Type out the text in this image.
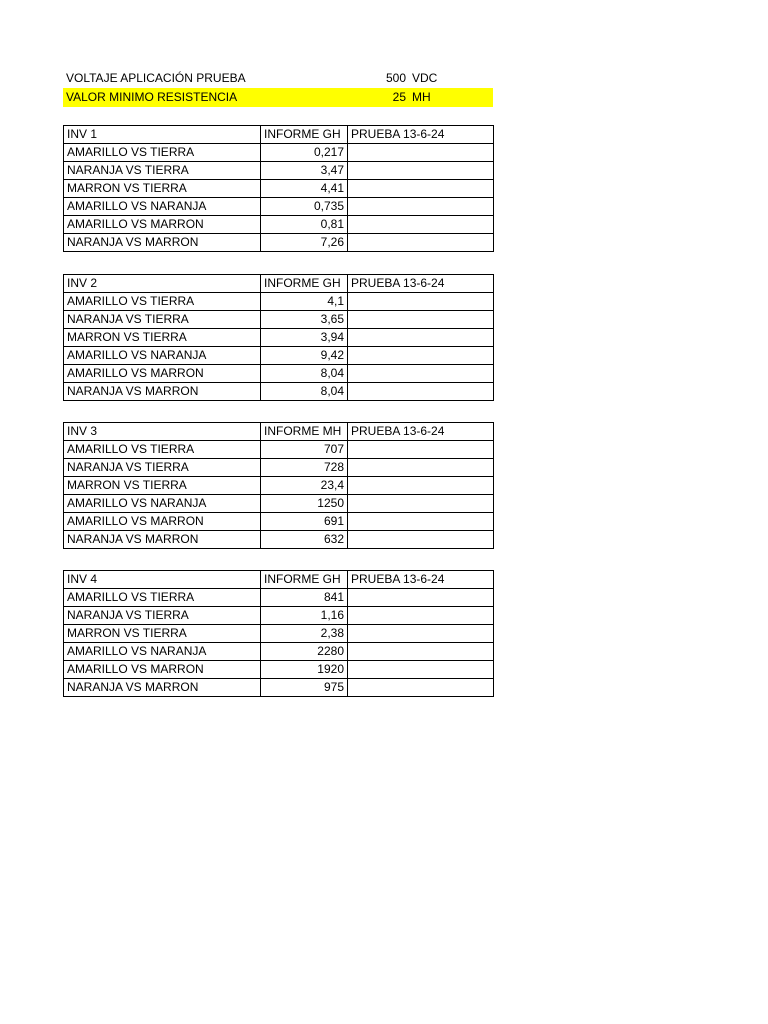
VOLTAJE APLICACIÓN PRUEBA	500 VDC
VALOR MINIMO RESISTENCIA	25 MH
INV 1	INFORME GH	PRUEBA 13-6-24
AMARILLO VS TIERRA	0,217	
NARANJA VS TIERRA	3,47	
MARRON VS TIERRA	4,41	
AMARILLO VS NARANJA	0,735	
AMARILLO VS MARRON	0,81	
NARANJA VS MARRON	7,26	
INV 2	INFORME GH	PRUEBA 13-6-24
AMARILLO VS TIERRA	4,1	
NARANJA VS TIERRA	3,65	
MARRON VS TIERRA	3,94	
AMARILLO VS NARANJA	9,42	
AMARILLO VS MARRON	8,04	
NARANJA VS MARRON	8,04	
INV 3	INFORME MH	PRUEBA 13-6-24
AMARILLO VS TIERRA	707	
NARANJA VS TIERRA	728	
MARRON VS TIERRA	23,4	
AMARILLO VS NARANJA	1250	
AMARILLO VS MARRON	691	
NARANJA VS MARRON	632	
INV 4	INFORME GH	PRUEBA 13-6-24
AMARILLO VS TIERRA	841	
NARANJA VS TIERRA	1,16	
MARRON VS TIERRA	2,38	
AMARILLO VS NARANJA	2280	
AMARILLO VS MARRON	1920	
NARANJA VS MARRON	975	
